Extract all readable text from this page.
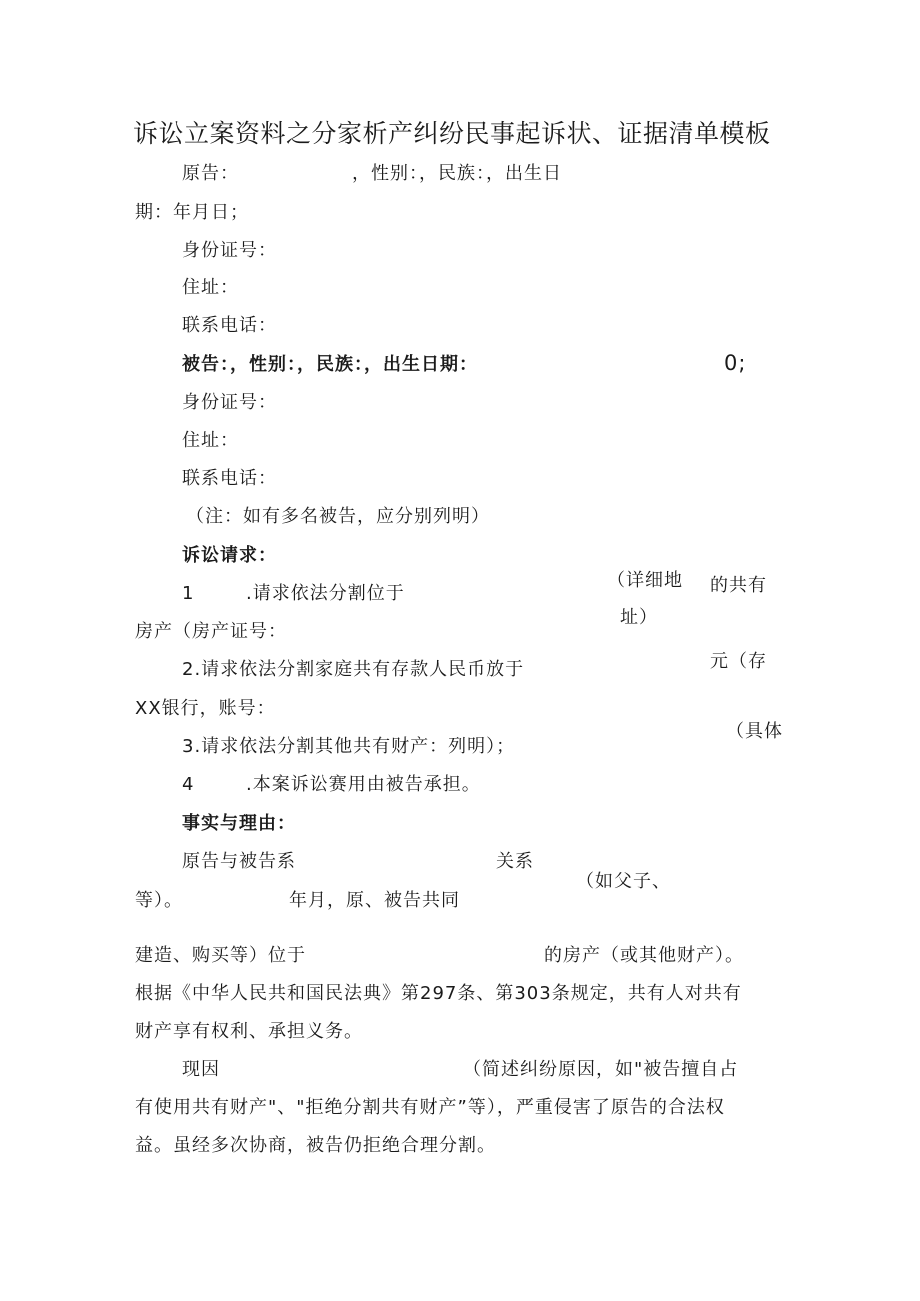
诉讼立案资料之分家析产纠纷民事起诉状、证据清单模板
原告：	，性别：，民族：，出生日
期：年月日；
身份证号：
住址：
联系电话：
被告：，性别：，民族：，出生日期：	0;
身份证号：
住址：
联系电话：
（注：如有多名被告，应分别列明）
诉讼请求：
1	.请求依法分割位于
（详细地
址）
的共有
房产（房产证号：
2.请求依法分割家庭共有存款人民币放于	元（存
XX银行，账号：
3.请求依法分割其他共有财产：列明）；
（具体
4	.本案诉讼赛用由被告承担。
事实与理由：
原告与被告系	关系
（如父子、
等）。	年月，原、被告共同
建造、购买等）位于	的房产（或其他财产）。
根据《中华人民共和国民法典》第297条、第303条规定，共有人对共有
财产享有权利、承担义务。
现因	（简述纠纷原因，如"被告擅自占
有使用共有财产"、"拒绝分割共有财产”等），严重侵害了原告的合法权
益。虽经多次协商，被告仍拒绝合理分割。
